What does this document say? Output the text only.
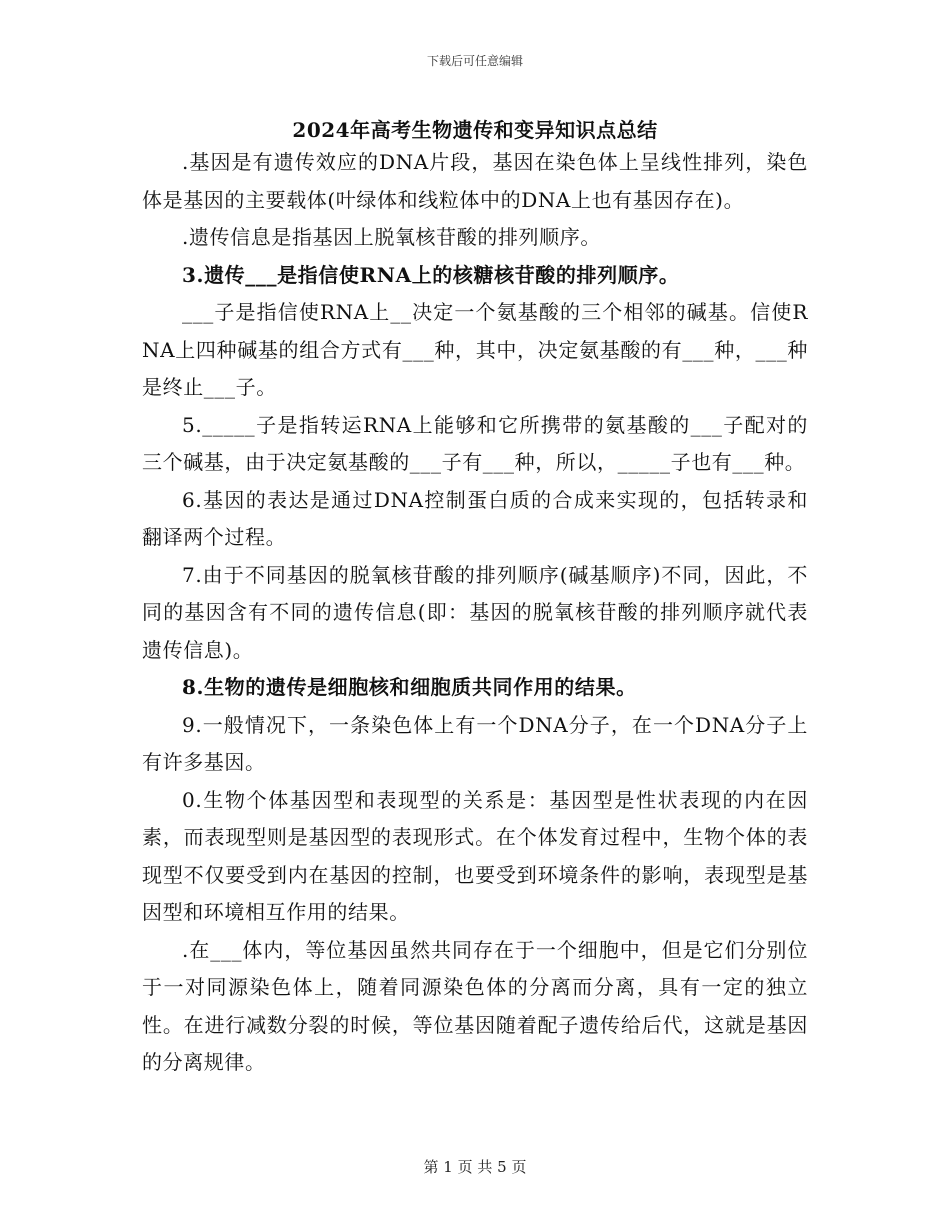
下载后可任意编辑
2024年高考生物遗传和变异知识点总结

.基因是有遗传效应的DNA片段，基因在染色体上呈线性排列，染色体是基因的主要载体(叶绿体和线粒体中的DNA上也有基因存在)。

.遗传信息是指基因上脱氧核苷酸的排列顺序。

3.遗传___是指信使RNA上的核糖核苷酸的排列顺序。

___子是指信使RNA上__决定一个氨基酸的三个相邻的碱基。信使RNA上四种碱基的组合方式有___种，其中，决定氨基酸的有___种，___种是终止___子。

5._____子是指转运RNA上能够和它所携带的氨基酸的___子配对的三个碱基，由于决定氨基酸的___子有___种，所以，_____子也有___种。

6.基因的表达是通过DNA控制蛋白质的合成来实现的，包括转录和翻译两个过程。

7.由于不同基因的脱氧核苷酸的排列顺序(碱基顺序)不同，因此，不同的基因含有不同的遗传信息(即：基因的脱氧核苷酸的排列顺序就代表遗传信息)。

8.生物的遗传是细胞核和细胞质共同作用的结果。

9.一般情况下，一条染色体上有一个DNA分子，在一个DNA分子上有许多基因。

0.生物个体基因型和表现型的关系是：基因型是性状表现的内在因素，而表现型则是基因型的表现形式。在个体发育过程中，生物个体的表现型不仅要受到内在基因的控制，也要受到环境条件的影响，表现型是基因型和环境相互作用的结果。

.在___体内，等位基因虽然共同存在于一个细胞中，但是它们分别位于一对同源染色体上，随着同源染色体的分离而分离，具有一定的独立性。在进行减数分裂的时候，等位基因随着配子遗传给后代，这就是基因的分离规律。

第 1 页 共 5 页
